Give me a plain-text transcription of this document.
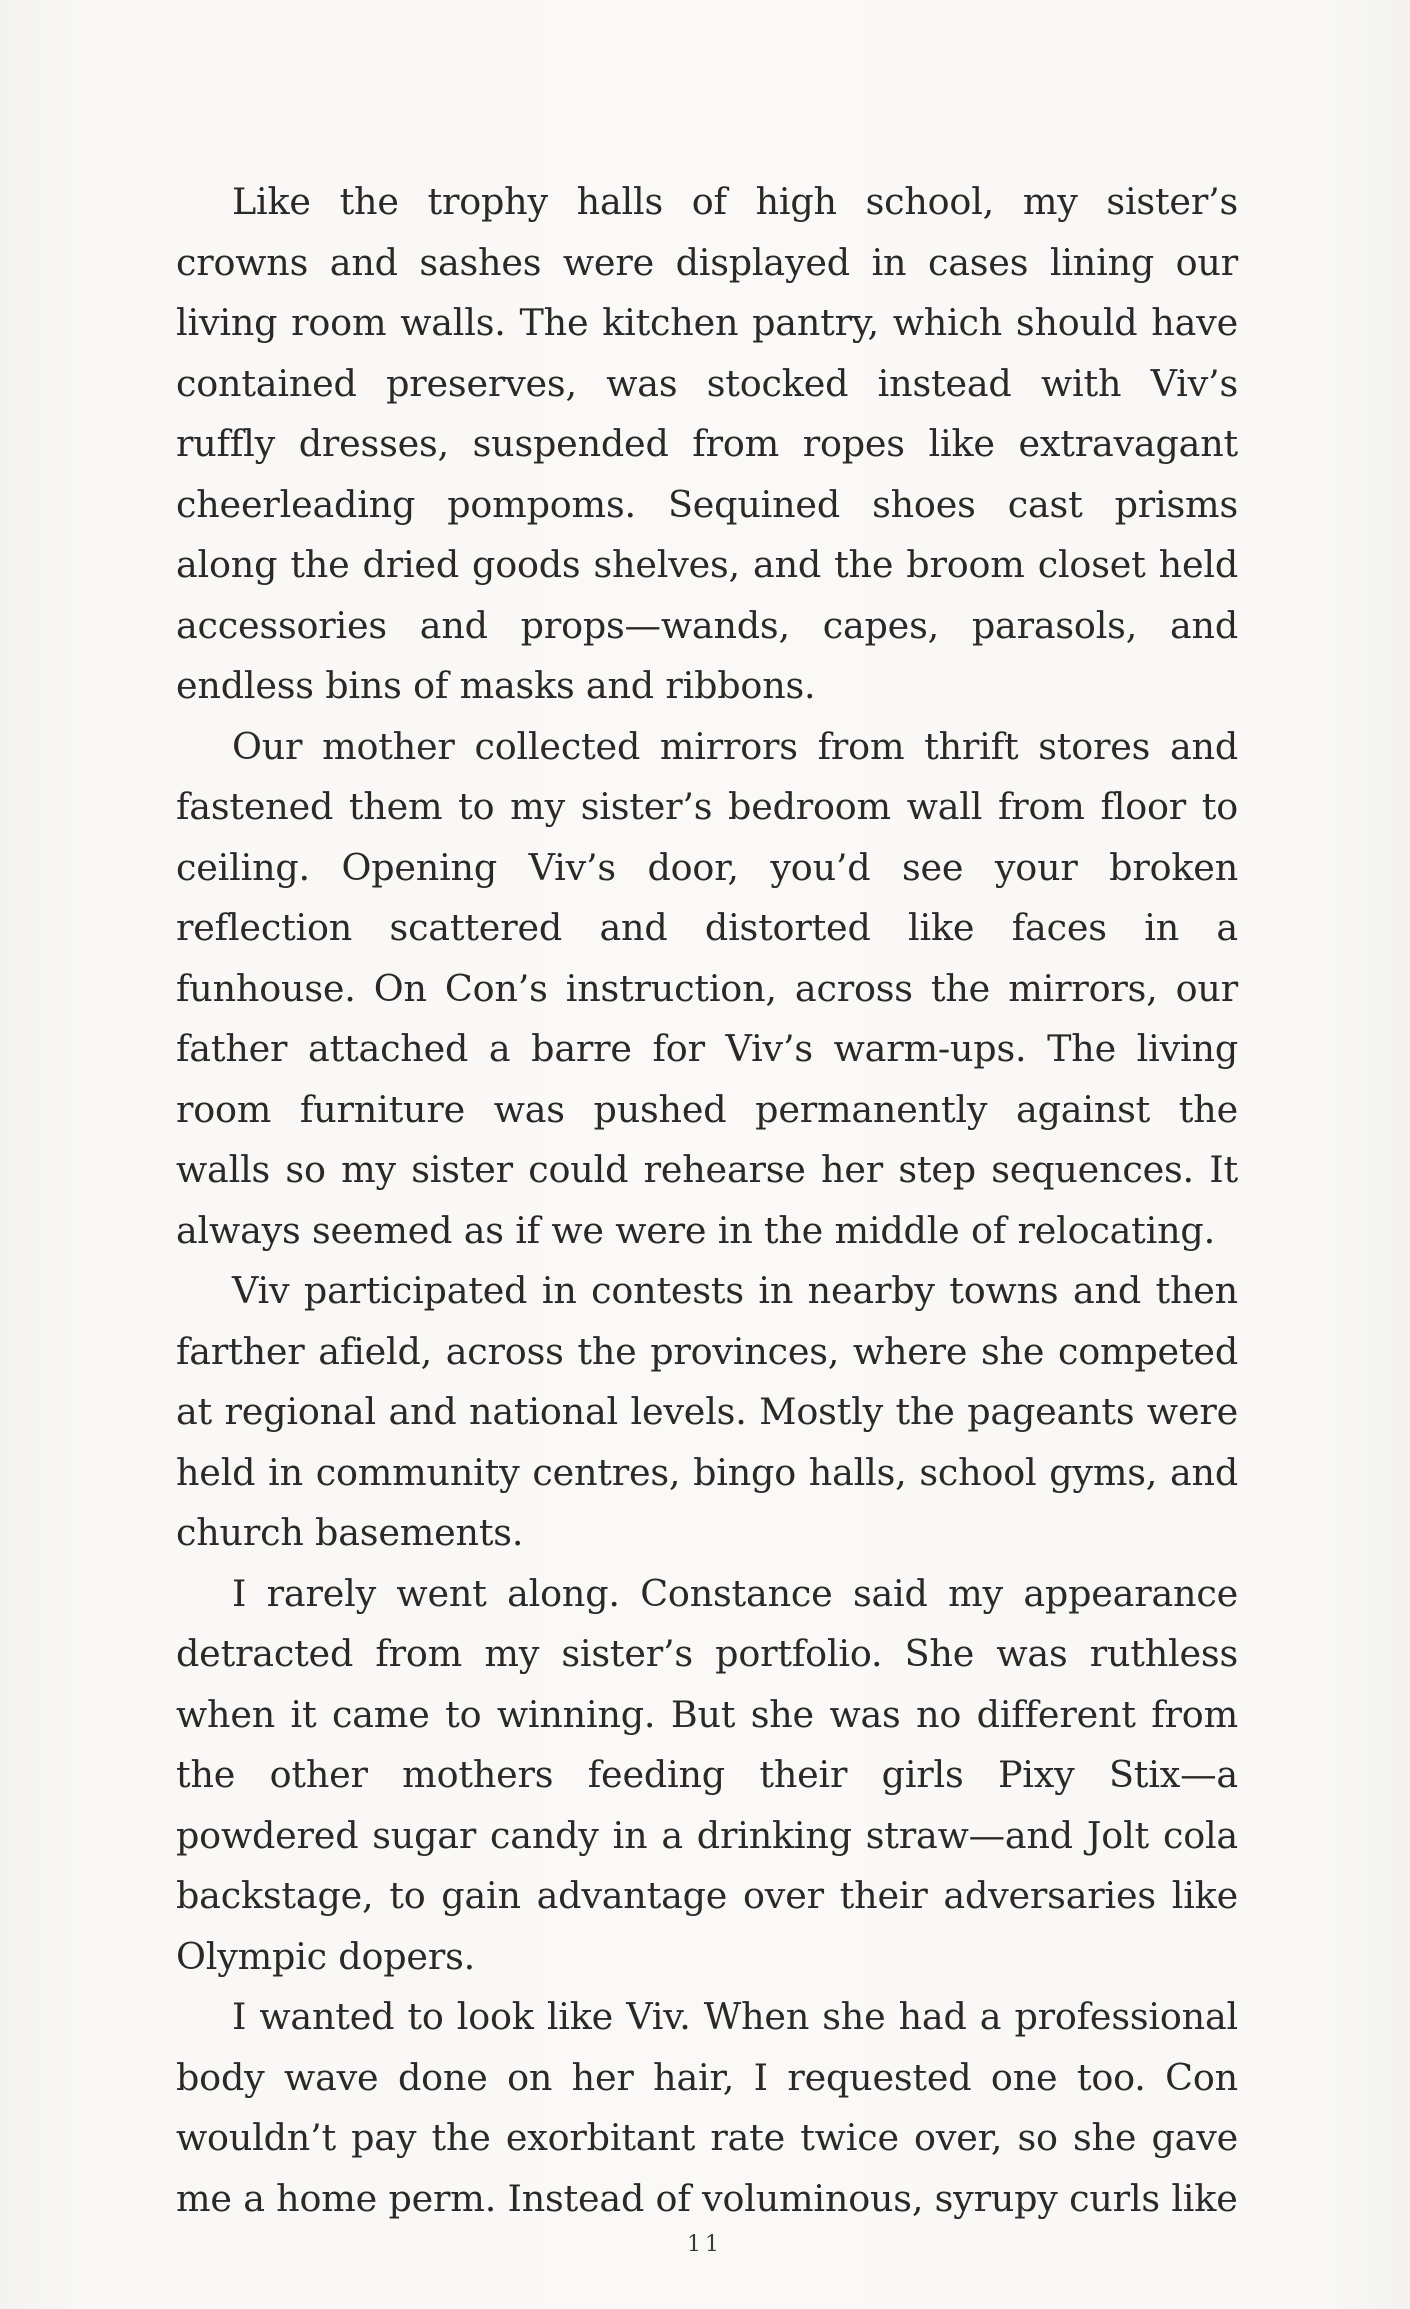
Like the trophy halls of high school, my sister’s crowns and sashes were displayed in cases lining our living room walls. The kitchen pantry, which should have contained preserves, was stocked instead with Viv’s ruffly dresses, suspended from ropes like extravagant cheerleading pompoms. Sequined shoes cast prisms along the dried goods shelves, and the broom closet held accessories and props—wands, capes, parasols, and endless bins of masks and ribbons.

Our mother collected mirrors from thrift stores and fastened them to my sister’s bedroom wall from floor to ceiling. Opening Viv’s door, you’d see your broken reflection scattered and distorted like faces in a funhouse. On Con’s instruction, across the mirrors, our father attached a barre for Viv’s warm-ups. The living room furniture was pushed permanently against the walls so my sister could rehearse her step sequences. It always seemed as if we were in the middle of relocating.

Viv participated in contests in nearby towns and then farther afield, across the provinces, where she competed at regional and national levels. Mostly the pageants were held in community centres, bingo halls, school gyms, and church basements.

I rarely went along. Constance said my appearance detracted from my sister’s portfolio. She was ruthless when it came to winning. But she was no different from the other mothers feeding their girls Pixy Stix—a powdered sugar candy in a drinking straw—and Jolt cola backstage, to gain advantage over their adversaries like Olympic dopers.

I wanted to look like Viv. When she had a professional body wave done on her hair, I requested one too. Con wouldn’t pay the exorbitant rate twice over, so she gave me a home perm. Instead of voluminous, syrupy curls like

11
